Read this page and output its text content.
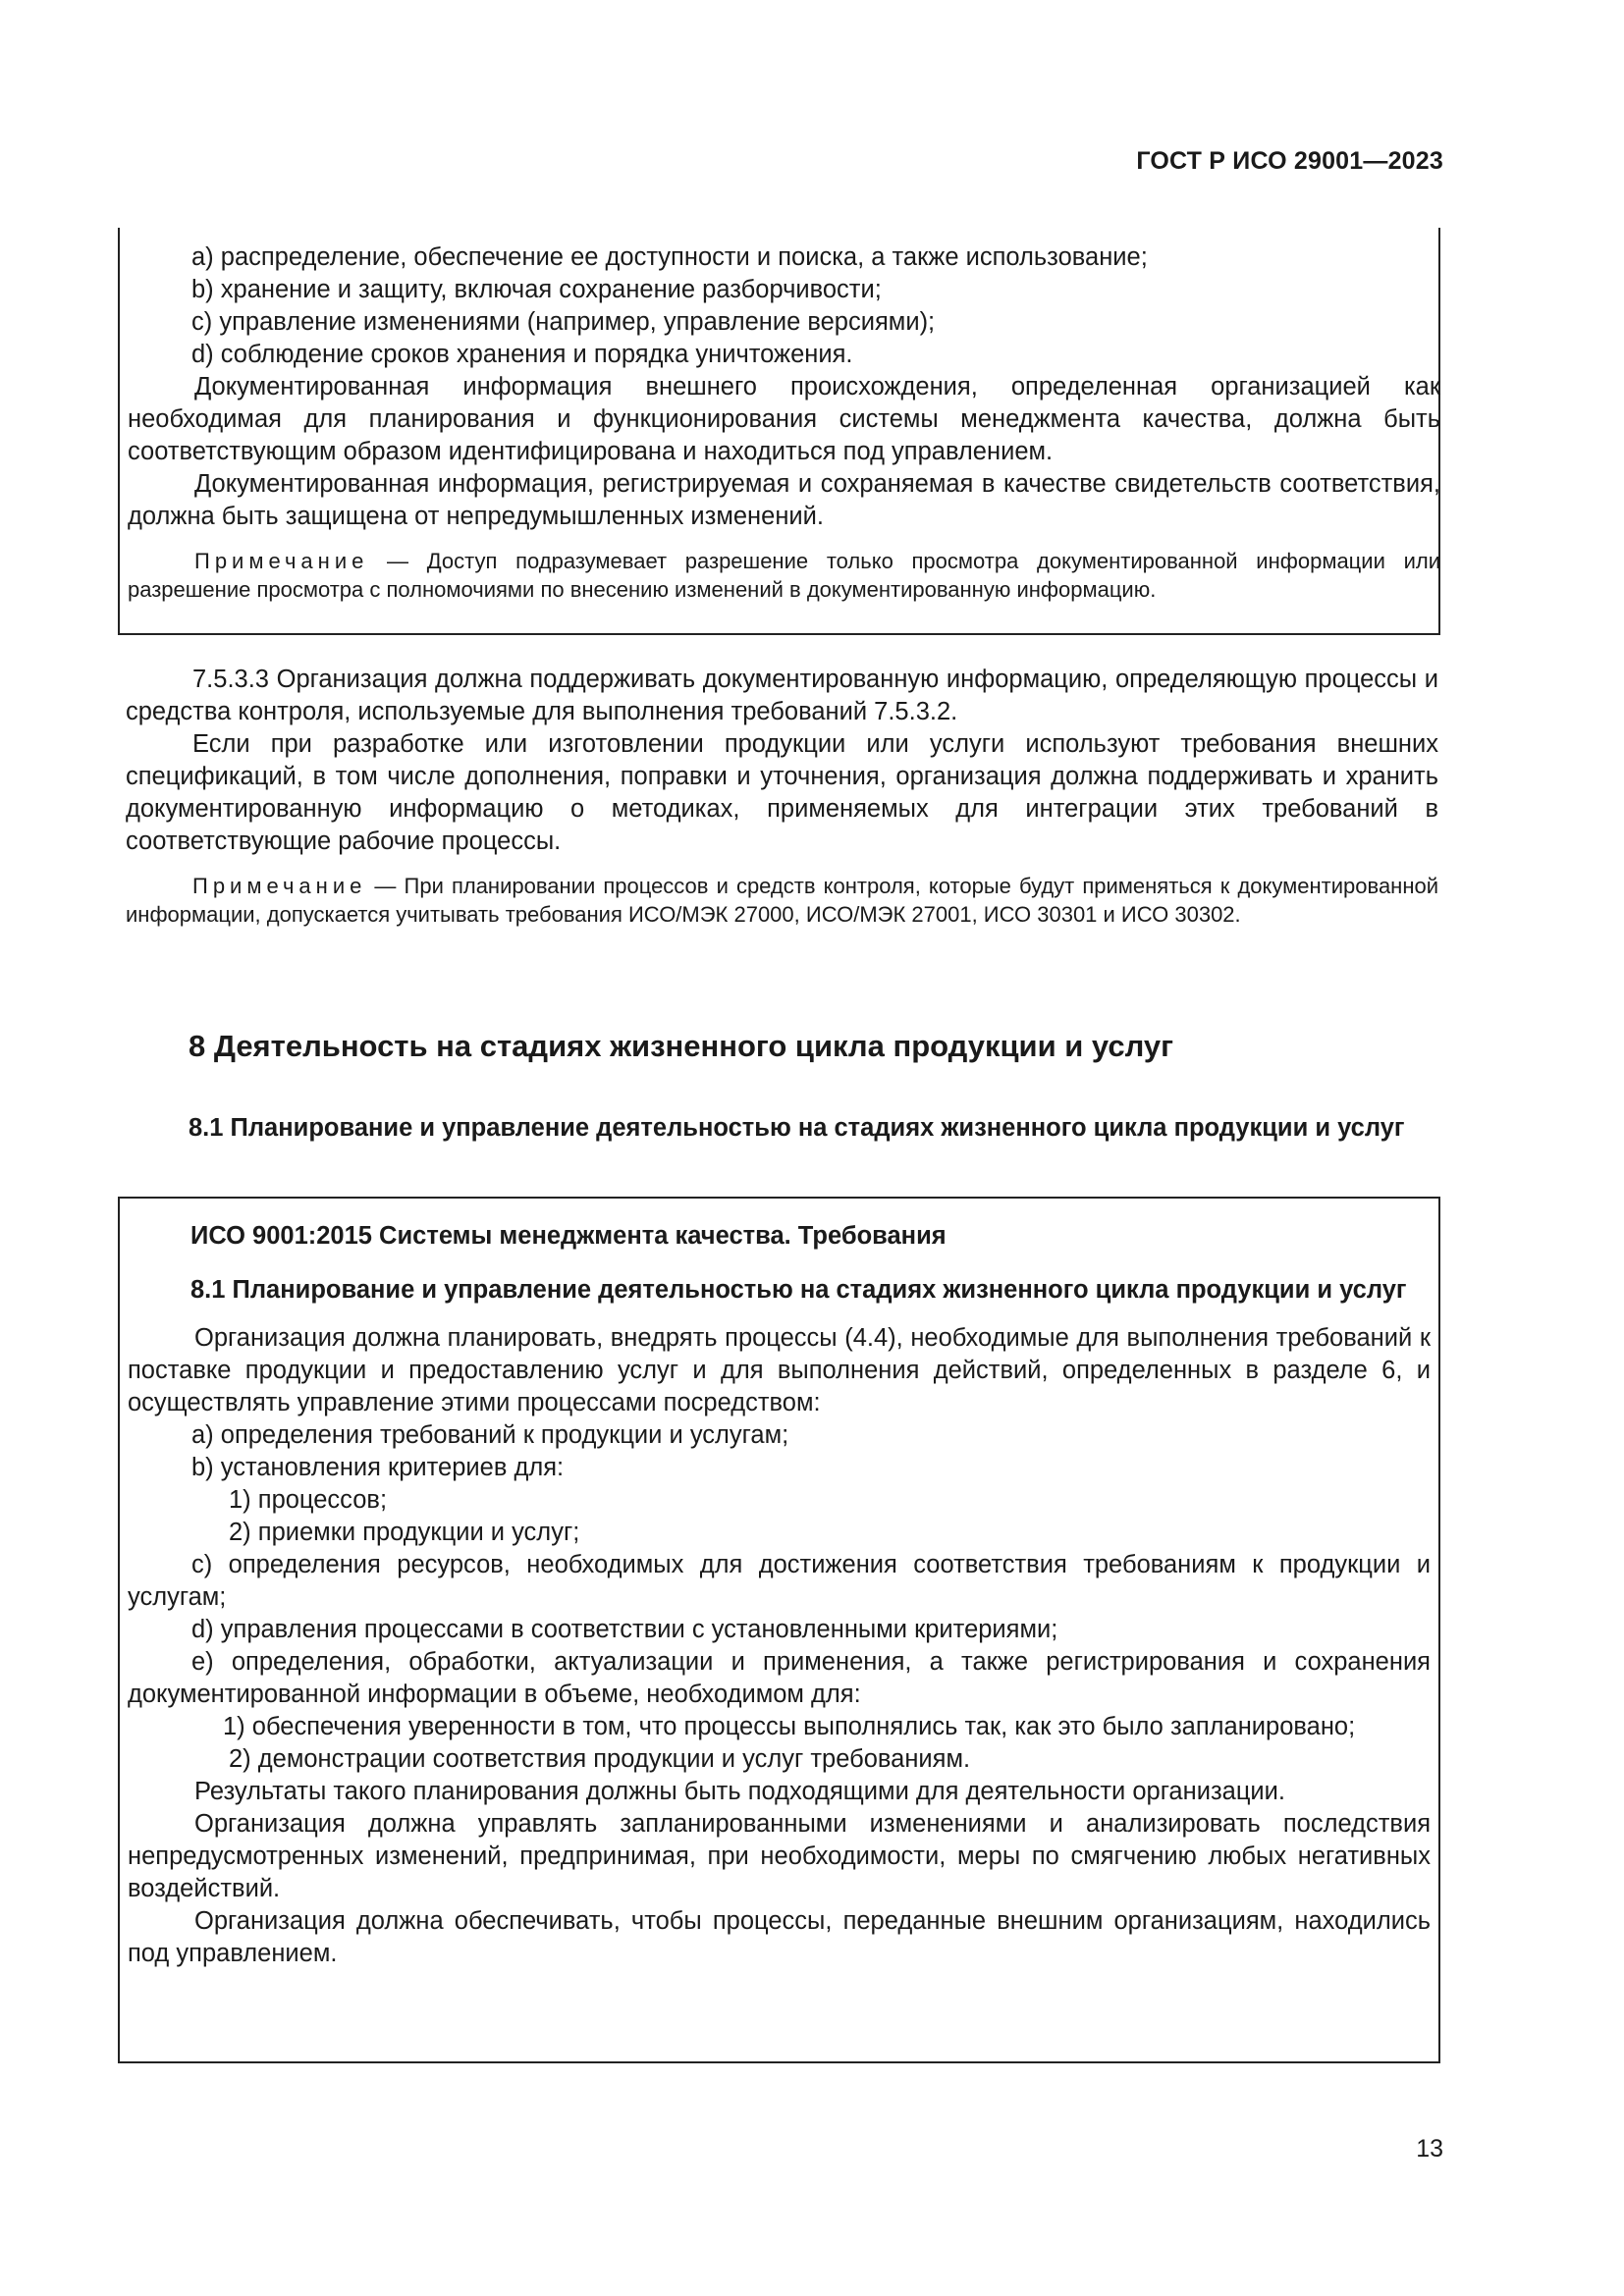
ГОСТ Р ИСО 29001—2023

a) распределение, обеспечение ее доступности и поиска, а также использование;

b) хранение и защиту, включая сохранение разборчивости;

c) управление изменениями (например, управление версиями);

d) соблюдение сроков хранения и порядка уничтожения.

Документированная информация внешнего происхождения, определенная организацией как необходимая для планирования и функционирования системы менеджмента качества, должна быть соответствующим образом идентифицирована и находиться под управлением.

Документированная информация, регистрируемая и сохраняемая в качестве свидетельств соответствия, должна быть защищена от непредумышленных изменений.

Примечание — Доступ подразумевает разрешение только просмотра документированной информации или разрешение просмотра с полномочиями по внесению изменений в документированную информацию.

7.5.3.3 Организация должна поддерживать документированную информацию, определяющую процессы и средства контроля, используемые для выполнения требований 7.5.3.2.

Если при разработке или изготовлении продукции или услуги используют требования внешних спецификаций, в том числе дополнения, поправки и уточнения, организация должна поддерживать и хранить документированную информацию о методиках, применяемых для интеграции этих требований в соответствующие рабочие процессы.

Примечание — При планировании процессов и средств контроля, которые будут применяться к документированной информации, допускается учитывать требования ИСО/МЭК 27000, ИСО/МЭК 27001, ИСО 30301 и ИСО 30302.

8 Деятельность на стадиях жизненного цикла продукции и услуг
8.1 Планирование и управление деятельностью на стадиях жизненного цикла продукции и услуг

ИСО 9001:2015 Системы менеджмента качества. Требования

8.1 Планирование и управление деятельностью на стадиях жизненного цикла продукции и услуг

Организация должна планировать, внедрять процессы (4.4), необходимые для выполнения требований к поставке продукции и предоставлению услуг и для выполнения действий, определенных в разделе 6, и осуществлять управление этими процессами посредством:

a) определения требований к продукции и услугам;

b) установления критериев для:

1) процессов;

2) приемки продукции и услуг;

c) определения ресурсов, необходимых для достижения соответствия требованиям к продукции и услугам;

d) управления процессами в соответствии с установленными критериями;

e) определения, обработки, актуализации и применения, а также регистрирования и сохранения документированной информации в объеме, необходимом для:

1) обеспечения уверенности в том, что процессы выполнялись так, как это было запланировано;

2) демонстрации соответствия продукции и услуг требованиям.

Результаты такого планирования должны быть подходящими для деятельности организации.

Организация должна управлять запланированными изменениями и анализировать последствия непредусмотренных изменений, предпринимая, при необходимости, меры по смягчению любых негативных воздействий.

Организация должна обеспечивать, чтобы процессы, переданные внешним организациям, находились под управлением.

13
